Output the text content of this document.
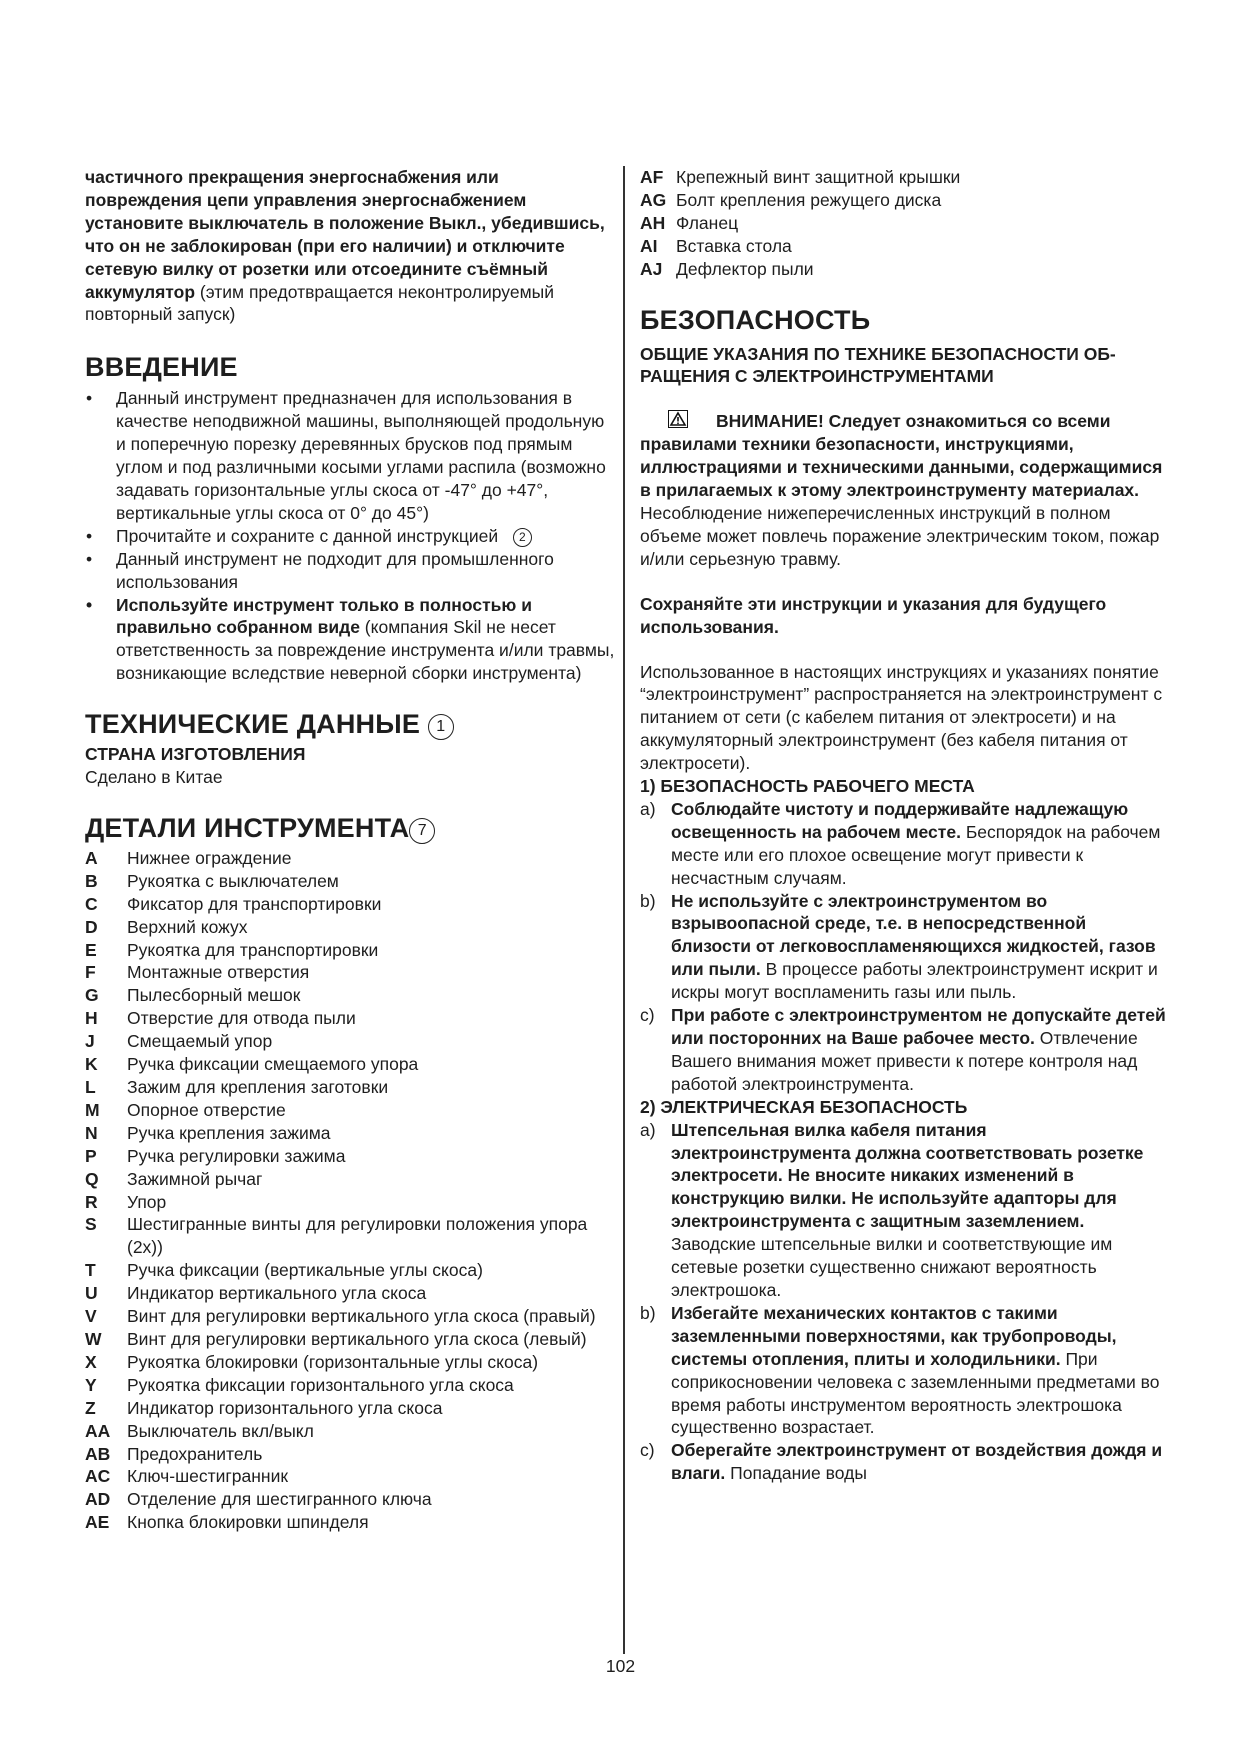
частичного прекращения энергоснабжения или повреждения цепи управления энергоснабжением установите выключатель в положение Выкл., убедившись, что он не заблокирован (при его наличии) и отключите сетевую вилку от розетки или отсоедините съёмный аккумулятор (этим предотвращается неконтролируемый повторный запуск)

ВВЕДЕНИЕ
• Данный инструмент предназначен для использования в качестве неподвижной машины, выполняющей продольную и поперечную порезку деревянных брусков под прямым углом и под различными косыми углами распила (возможно задавать горизонтальные углы скоса от -47° до +47°, вертикальные углы скоса от 0° до 45°)
• Прочитайте и сохраните с данной инструкцией   2
• Данный инструмент не подходит для промышленного использования
• Используйте инструмент только в полностью и правильно собранном виде (компания Skil не несет ответственность за повреждение инструмента и/или травмы, возникающие вследствие неверной сборки инструмента)
ТЕХНИЧЕСКИЕ ДАННЫЕ 1
СТРАНА ИЗГОТОВЛЕНИЯ

Сделано в Китае

ДЕТАЛИ ИНСТРУМЕНТА 7
A	Нижнее ограждение
B	Рукоятка с выключателем
C	Фиксатор для транспортировки
D	Верхний кожух
E	Рукоятка для транспортировки
F	Монтажные отверстия
G	Пылесборный мешок
H	Отверстие для отвода пыли
J	Смещаемый упор
K	Ручка фиксации смещаемого упора
L	Зажим для крепления заготовки
M	Опорное отверстие
N	Ручка крепления зажима
P	Ручка регулировки зажима
Q	Зажимной рычаг
R	Упор
S	Шестигранные винты для регулировки положения упора (2x))
T	Ручка фиксации (вертикальные углы скоса)
U	Индикатор вертикального угла скоса
V	Винт для регулировки вертикального угла скоса (правый)
W	Винт для регулировки вертикального угла скоса (левый)
X	Рукоятка блокировки (горизонтальные углы скоса)
Y	Рукоятка фиксации горизонтального угла скоса
Z	Индикатор горизонтального угла скоса
AA Выключатель вкл/выкл
AB Предохранитель
AC Ключ-шестигранник
AD Отделение для шестигранного ключа
AE	Кнопка блокировки шпинделя
AF Крепежный винт защитной крышки
AG Болт крепления режущего диска
AH Фланец
AI	Вставка стола
AJ Дефлектор пыли
БЕЗОПАСНОСТЬ
ОБЩИЕ УКАЗАНИЯ ПО ТЕХНИКЕ БЕЗОПАСНОСТИ ОБ- РАЩЕНИЯ С ЭЛЕКТРОИНСТРУМЕНТАМИ

ВНИМАНИЕ! Следует ознакомиться со всеми правилами техники безопасности, инструкциями, иллюстрациями и техническими данными, содержащимися в прилагаемых к этому электроинструменту материалах. Несоблюдение нижеперечисленных инструкций в полном объеме может повлечь поражение электрическим током, пожар и/или серьезную травму.

Сохраняйте эти инструкции и указания для будущего использования.

Использованное в настоящих инструкциях и указаниях понятие “электроинструмент” распространяется на электроинструмент с питанием от сети (с кабелем питания от электросети) и на аккумуляторный электроинструмент (без кабеля питания от электросети).

1) БЕЗОПАСНОСТЬ РАБОЧЕГО МЕСТА
a) Соблюдайте чистоту и поддерживайте надлежащую освещенность на рабочем месте. Беспорядок на рабочем месте или его плохое освещение могут привести к несчастным случаям.
b) Не используйте с электроинструментом во взрывоопасной среде, т.е. в непосредственной близости от легковоспламеняющихся жидкостей, газов или пыли. В процессе работы электроинструмент искрит и искры могут воспламенить газы или пыль.
c) При работе с электроинструментом не допускайте детей или посторонних на Ваше рабочее место. Отвлечение Вашего внимания может привести к потере контроля над работой электроинструмента.
2) ЭЛЕКТРИЧЕСКАЯ БЕЗОПАСНОСТЬ
a) Штепсельная вилка кабеля питания электроинструмента должна соответствовать розетке электросети. Не вносите никаких изменений в конструкцию вилки. Не используйте адапторы для электроинструмента с защитным заземлением. Заводские штепсельные вилки и соответствующие им сетевые розетки существенно снижают вероятность электрошока.
b) Избегайте механических контактов с такими заземленными поверхностями, как трубопроводы, системы отопления, плиты и холодильники. При соприкосновении человека с заземленными предметами во время работы инструментом вероятность электрошока существенно возрастает.
c) Оберегайте электроинструмент от воздействия дождя и влаги. Попадание воды
102
